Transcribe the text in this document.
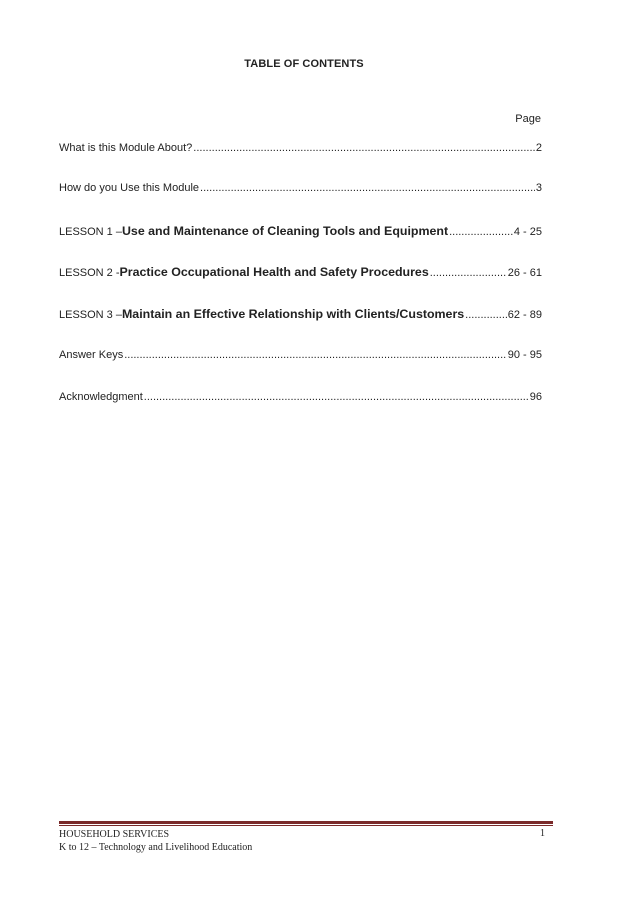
TABLE OF CONTENTS
Page
What is this Module About? .....	2
How do you Use this Module .....	3
LESSON 1 – Use and Maintenance of Cleaning Tools and Equipment .....	4 - 25
LESSON 2 - Practice Occupational Health and Safety Procedures .....	26 - 61
LESSON 3 – Maintain an Effective Relationship with Clients/Customers .....	62 - 89
Answer Keys .....	90 - 95
Acknowledgment .....	96
HOUSEHOLD SERVICES
K to 12 – Technology and Livelihood Education
1
